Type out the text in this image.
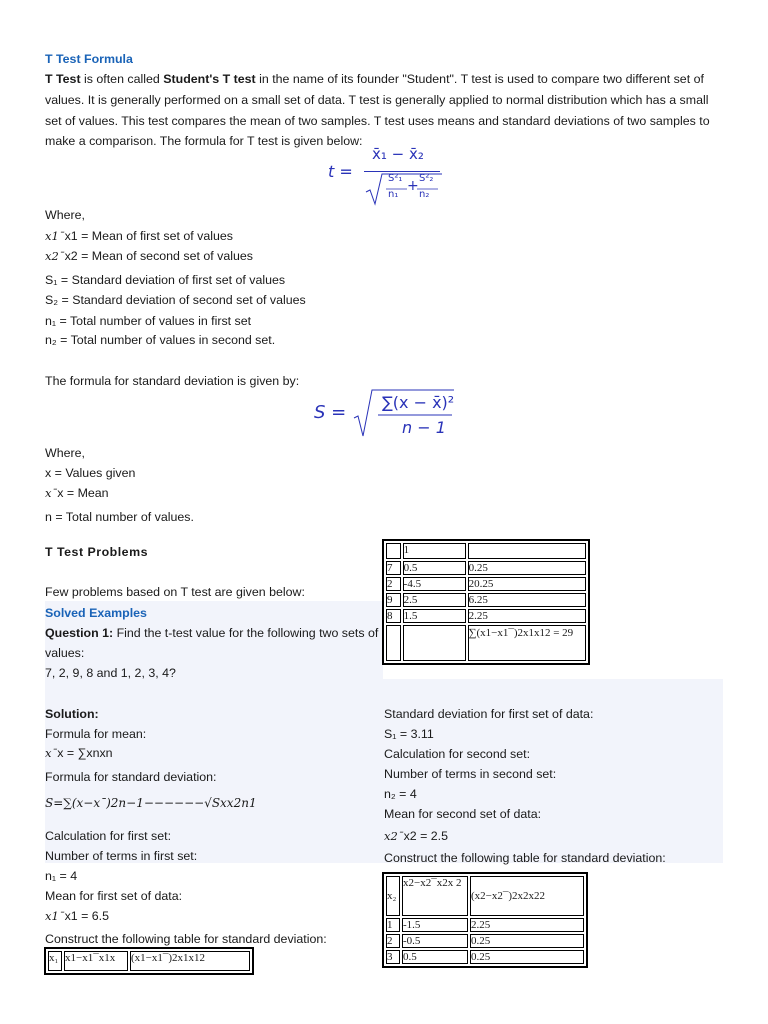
T Test Formula
T Test is often called Student's T test in the name of its founder "Student". T test is used to compare two different set of values. It is generally performed on a small set of data. T test is generally applied to normal distribution which has a small set of values. This test compares the mean of two samples. T test uses means and standard deviations of two samples to make a comparison. The formula for T test is given below:
t =
x̄₁ − x̄₂
S²₁
n₁
+ S²₂
n₂
Where,
x1¯x1 = Mean of first set of values
x2¯x2 = Mean of second set of values
S₁ = Standard deviation of first set of values
S₂ = Standard deviation of second set of values
n₁ = Total number of values in first set
n₂ = Total number of values in second set.
The formula for standard deviation is given by:
S = ∑(x − x̄)²
n − 1
Where,
x = Values given
x¯x = Mean
n = Total number of values.
T Test Problems
Few problems based on T test are given below:
Solved Examples
Question 1: Find the t-test value for the following two sets of
values:
7, 2, 9, 8 and 1, 2, 3, 4?
	1	
7	0.5	0.25
2	-4.5	20.25
9	2.5	6.25
8	1.5	2.25
		∑(x1−x1¯)2x1x12 = 29
Solution:
Formula for mean:
x¯x = ∑xnxn
Formula for standard deviation:
S=∑(x−x¯)2n−1−−−−−−√Sxx2n1
Calculation for first set:
Number of terms in first set:
n₁ = 4
Mean for first set of data:
x1¯x1 = 6.5
Construct the following table for standard deviation:
x₁	x1−x1¯x1x	(x1−x1¯)2x1x12
Standard deviation for first set of data:
S₁ = 3.11
Calculation for second set:
Number of terms in second set:
n₂ = 4
Mean for second set of data:
x2¯x2 = 2.5
Construct the following table for standard deviation:
x₂	x2−x2¯x2x 2	(x2−x2¯)2x2x22
1	-1.5	2.25
2	-0.5	0.25
3	0.5	0.25
